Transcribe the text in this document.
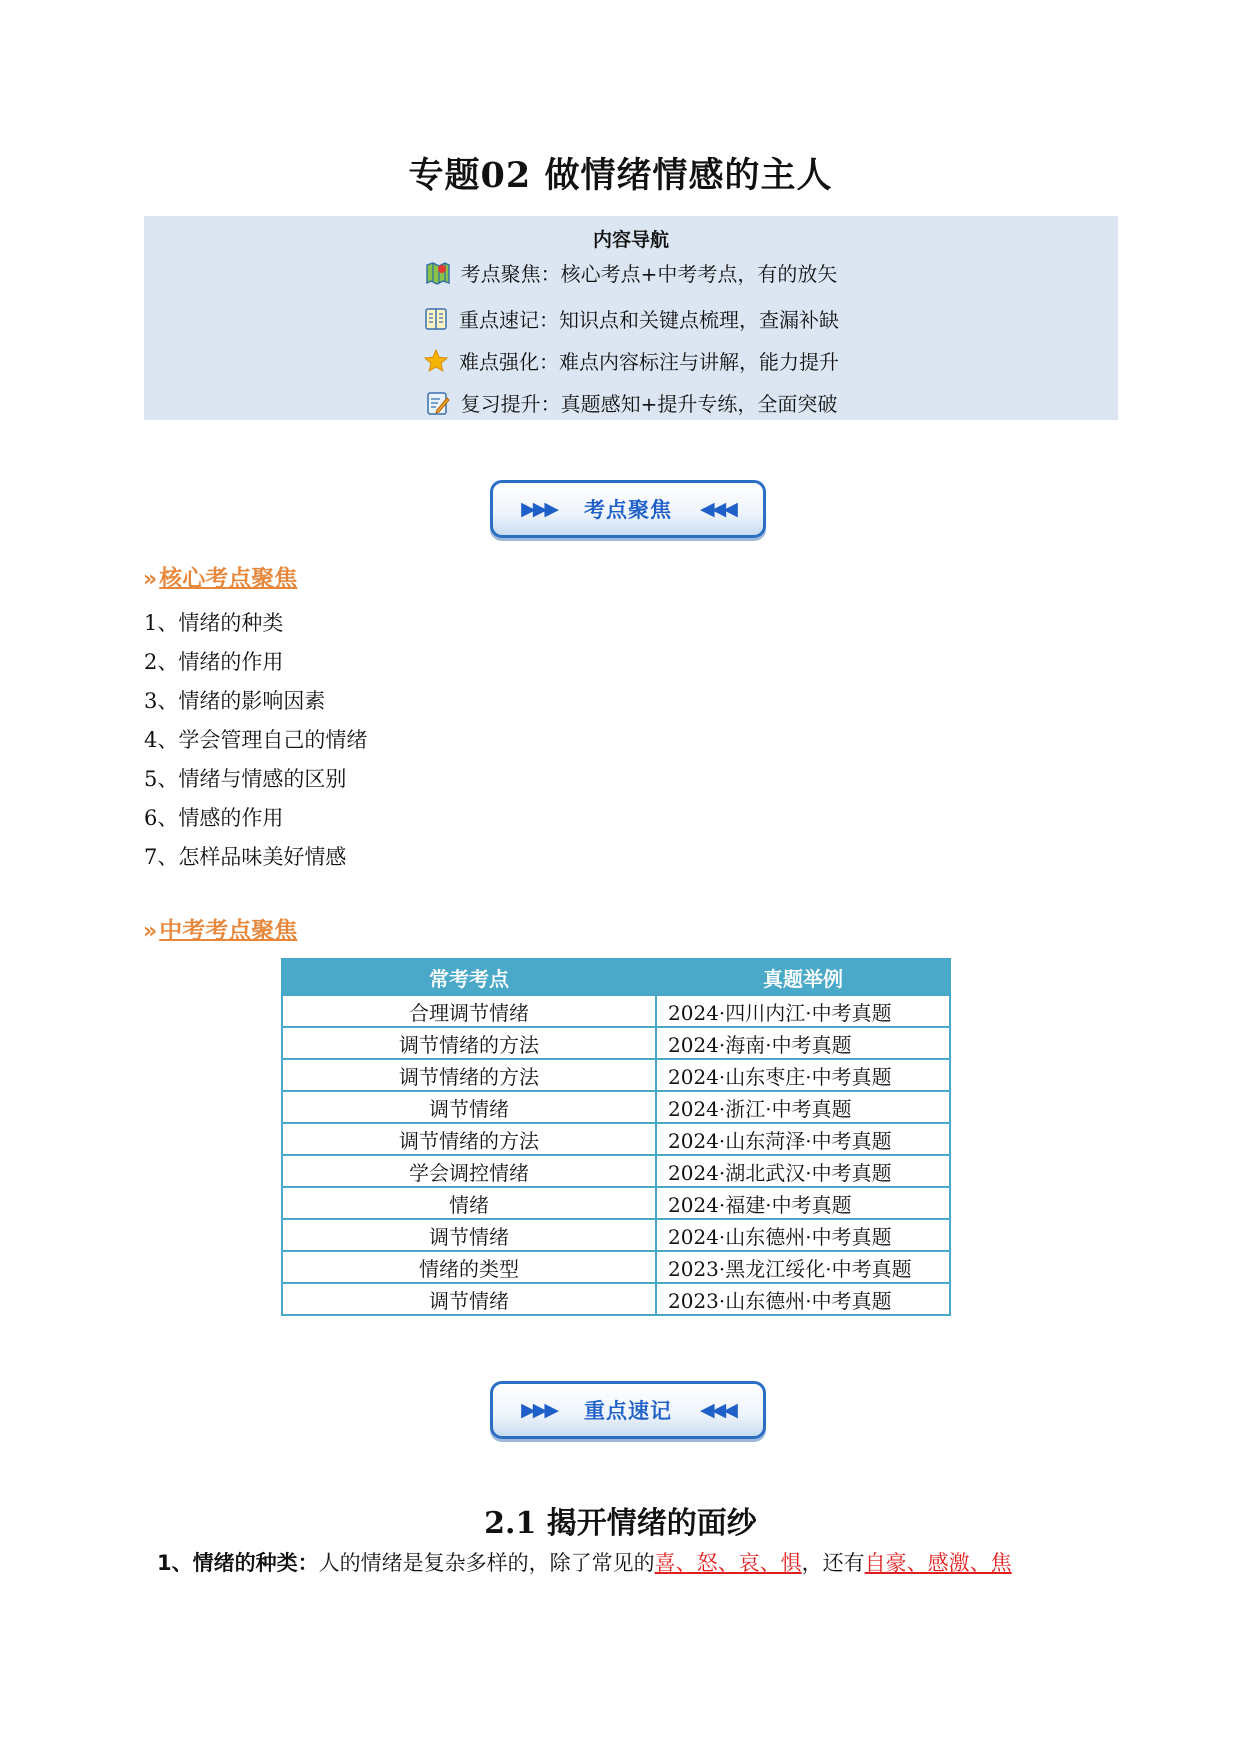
专题02 做情绪情感的主人
内容导航
考点聚焦：核心考点+中考考点，有的放矢
重点速记：知识点和关键点梳理，查漏补缺
难点强化：难点内容标注与讲解，能力提升
复习提升：真题感知+提升专练，全面突破
▶▶▶ 考点聚焦 ◀◀◀
»核心考点聚焦
1、情绪的种类
2、情绪的作用
3、情绪的影响因素
4、学会管理自己的情绪
5、情绪与情感的区别
6、情感的作用
7、怎样品味美好情感
»中考考点聚焦
常考考点	真题举例
合理调节情绪	2024·四川内江·中考真题
调节情绪的方法	2024·海南·中考真题
调节情绪的方法	2024·山东枣庄·中考真题
调节情绪	2024·浙江·中考真题
调节情绪的方法	2024·山东菏泽·中考真题
学会调控情绪	2024·湖北武汉·中考真题
情绪	2024·福建·中考真题
调节情绪	2024·山东德州·中考真题
情绪的类型	2023·黑龙江绥化·中考真题
调节情绪	2023·山东德州·中考真题
▶▶▶ 重点速记 ◀◀◀
2.1 揭开情绪的面纱
1、情绪的种类：人的情绪是复杂多样的，除了常见的喜、怒、哀、惧，还有自豪、感激、焦
